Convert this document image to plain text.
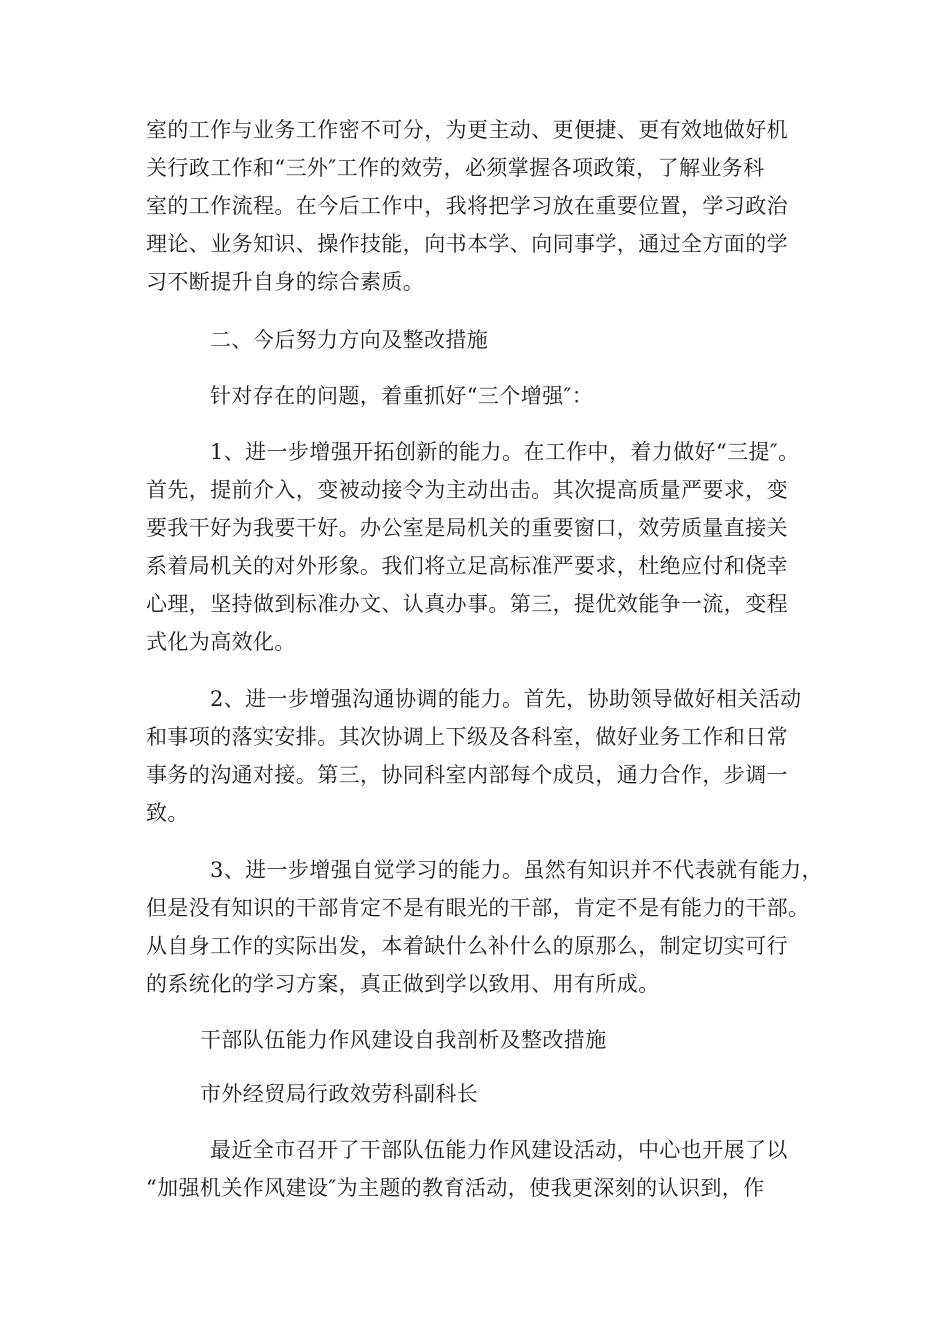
室的工作与业务工作密不可分，为更主动、更便捷、更有效地做好机
关行政工作和“三外″工作的效劳，必须掌握各项政策，了解业务科
室的工作流程。在今后工作中，我将把学习放在重要位置，学习政治
理论、业务知识、操作技能，向书本学、向同事学，通过全方面的学
习不断提升自身的综合素质。
二、今后努力方向及整改措施
针对存在的问题，着重抓好“三个增强″：
1、进一步增强开拓创新的能力。在工作中，着力做好“三提″。
首先，提前介入，变被动接令为主动出击。其次提高质量严要求，变
要我干好为我要干好。办公室是局机关的重要窗口，效劳质量直接关
系着局机关的对外形象。我们将立足高标准严要求，杜绝应付和侥幸
心理，坚持做到标准办文、认真办事。第三，提优效能争一流，变程
式化为高效化。
2、进一步增强沟通协调的能力。首先，协助领导做好相关活动
和事项的落实安排。其次协调上下级及各科室，做好业务工作和日常
事务的沟通对接。第三，协同科室内部每个成员，通力合作，步调一
致。
3、进一步增强自觉学习的能力。虽然有知识并不代表就有能力，
但是没有知识的干部肯定不是有眼光的干部，肯定不是有能力的干部。
从自身工作的实际出发，本着缺什么补什么的原那么，制定切实可行
的系统化的学习方案，真正做到学以致用、用有所成。
干部队伍能力作风建设自我剖析及整改措施
市外经贸局行政效劳科副科长
最近全市召开了干部队伍能力作风建设活动，中心也开展了以
“加强机关作风建设″为主题的教育活动，使我更深刻的认识到，作
